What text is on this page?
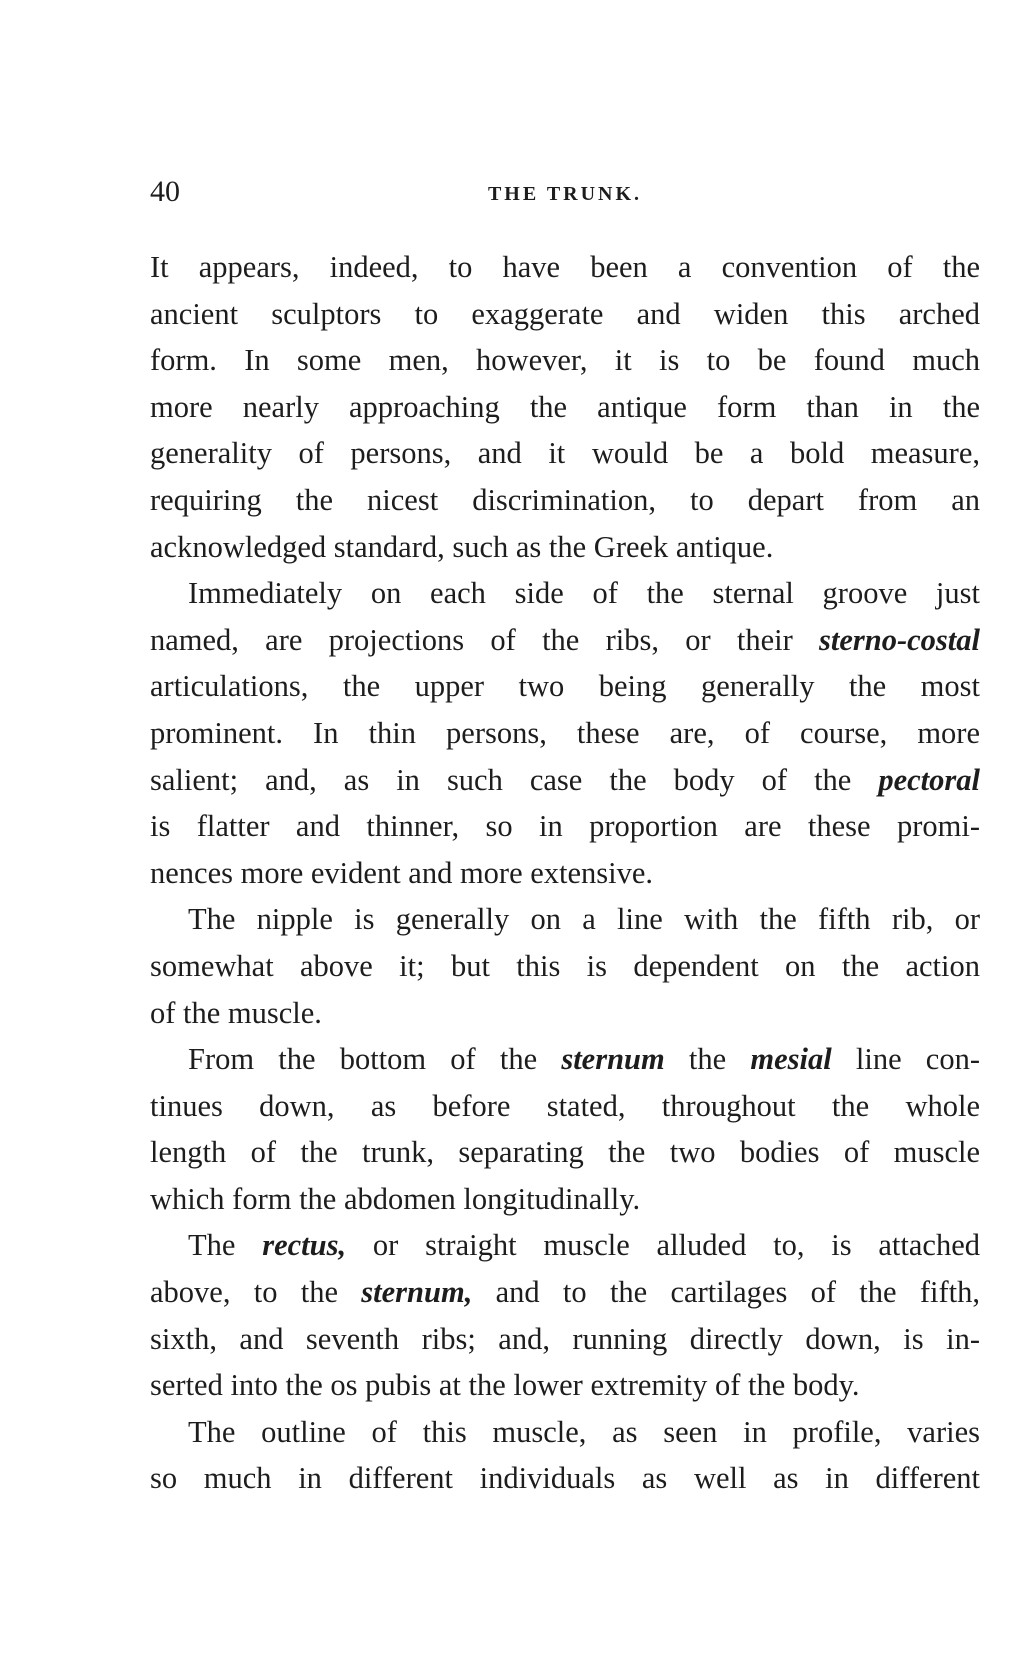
40	THE TRUNK.
It appears, indeed, to have been a convention of the
ancient sculptors to exaggerate and widen this arched
form. In some men, however, it is to be found much
more nearly approaching the antique form than in the
generality of persons, and it would be a bold measure,
requiring the nicest discrimination, to depart from an
acknowledged standard, such as the Greek antique.
Immediately on each side of the sternal groove just
named, are projections of the ribs, or their sterno-costal
articulations, the upper two being generally the most
prominent. In thin persons, these are, of course, more
salient; and, as in such case the body of the pectoral
is flatter and thinner, so in proportion are these promi-
nences more evident and more extensive.
The nipple is generally on a line with the fifth rib, or
somewhat above it; but this is dependent on the action
of the muscle.
From the bottom of the sternum the mesial line con-
tinues down, as before stated, throughout the whole
length of the trunk, separating the two bodies of muscle
which form the abdomen longitudinally.
The rectus, or straight muscle alluded to, is attached
above, to the sternum, and to the cartilages of the fifth,
sixth, and seventh ribs; and, running directly down, is in-
serted into the os pubis at the lower extremity of the body.
The outline of this muscle, as seen in profile, varies
so much in different individuals as well as in different
